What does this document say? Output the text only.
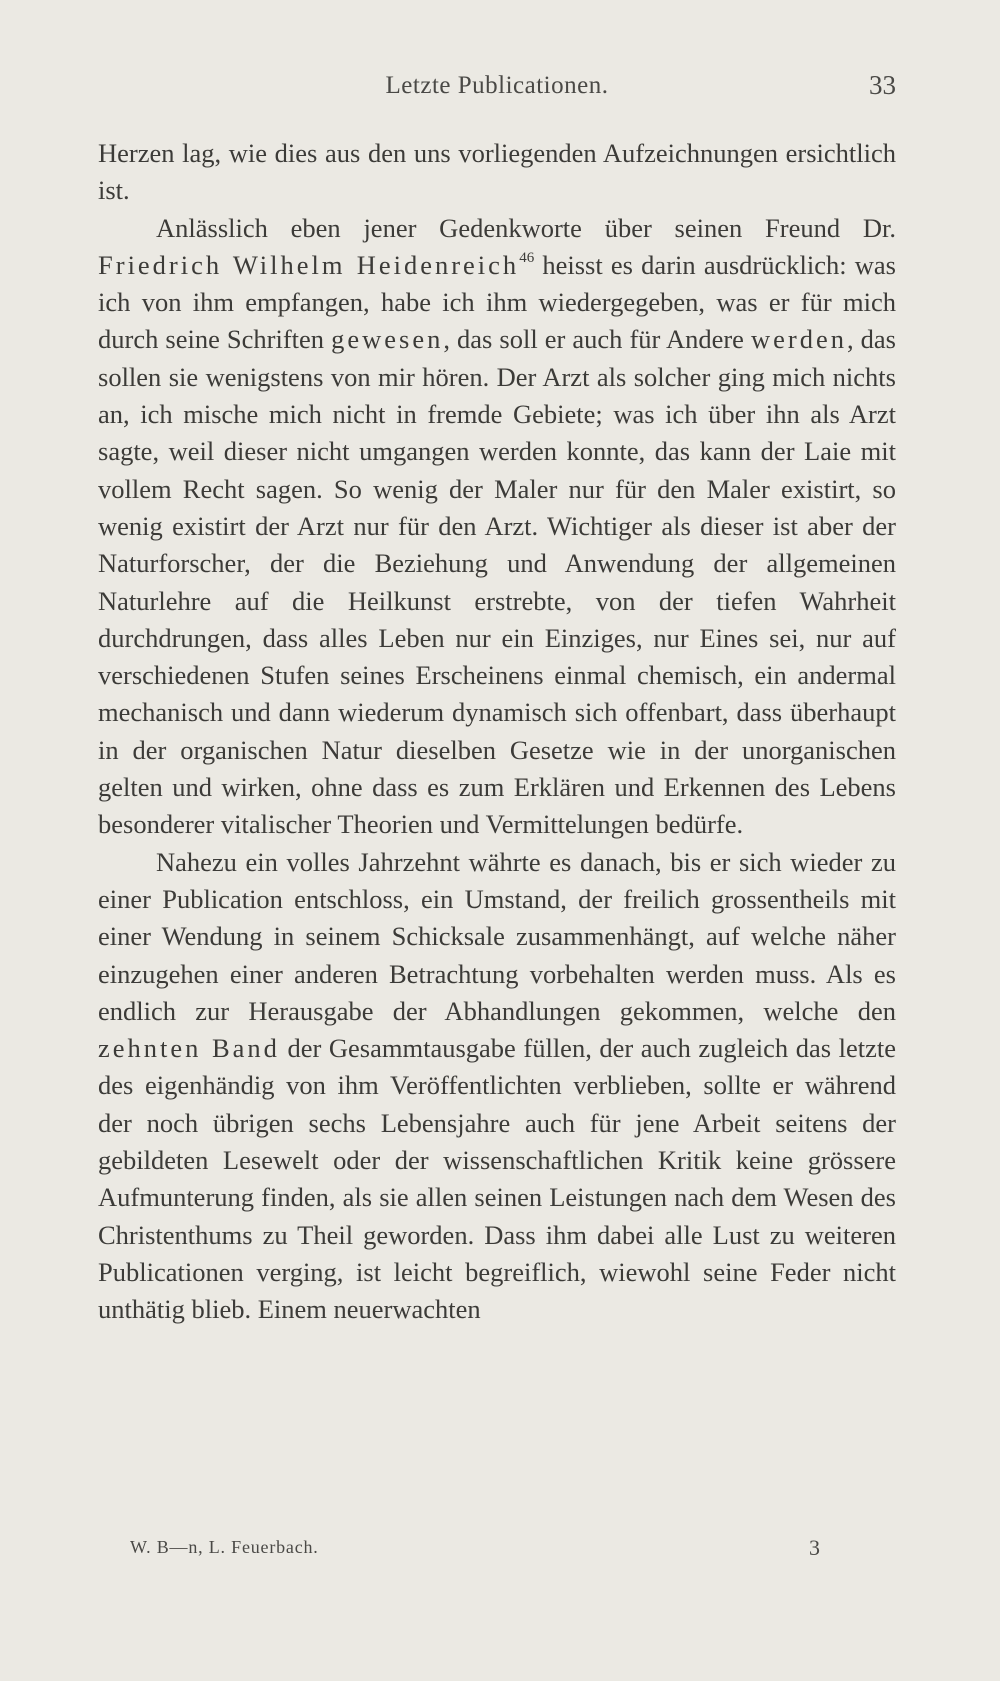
Letzte Publicationen.	33

Herzen lag, wie dies aus den uns vorliegenden Aufzeichnungen ersichtlich ist.

Anlässlich eben jener Gedenkworte über seinen Freund Dr. Friedrich Wilhelm Heidenreich$^{46}$ heisst es darin ausdrücklich: was ich von ihm empfangen, habe ich ihm wiedergegeben, was er für mich durch seine Schriften gewesen, das soll er auch für Andere werden, das sollen sie wenigstens von mir hören. Der Arzt als solcher ging mich nichts an, ich mische mich nicht in fremde Gebiete; was ich über ihn als Arzt sagte, weil dieser nicht umgangen werden konnte, das kann der Laie mit vollem Recht sagen. So wenig der Maler nur für den Maler existirt, so wenig existirt der Arzt nur für den Arzt. Wichtiger als dieser ist aber der Naturforscher, der die Beziehung und Anwendung der allgemeinen Naturlehre auf die Heilkunst erstrebte, von der tiefen Wahrheit durchdrungen, dass alles Leben nur ein Einziges, nur Eines sei, nur auf verschiedenen Stufen seines Erscheinens einmal chemisch, ein andermal mechanisch und dann wiederum dynamisch sich offenbart, dass überhaupt in der organischen Natur dieselben Gesetze wie in der unorganischen gelten und wirken, ohne dass es zum Erklären und Erkennen des Lebens besonderer vitalischer Theorien und Vermittelungen bedürfe.

Nahezu ein volles Jahrzehnt währte es danach, bis er sich wieder zu einer Publication entschloss, ein Umstand, der freilich grossentheils mit einer Wendung in seinem Schicksale zusammenhängt, auf welche näher einzugehen einer anderen Betrachtung vorbehalten werden muss. Als es endlich zur Herausgabe der Abhandlungen gekommen, welche den zehnten Band der Gesammtausgabe füllen, der auch zugleich das letzte des eigenhändig von ihm Veröffentlichten verblieben, sollte er während der noch übrigen sechs Lebensjahre auch für jene Arbeit seitens der gebildeten Lesewelt oder der wissenschaftlichen Kritik keine grössere Aufmunterung finden, als sie allen seinen Leistungen nach dem Wesen des Christenthums zu Theil geworden. Dass ihm dabei alle Lust zu weiteren Publicationen verging, ist leicht begreiflich, wiewohl seine Feder nicht unthätig blieb. Einem neuerwachten

W. B—n, L. Feuerbach.	3
